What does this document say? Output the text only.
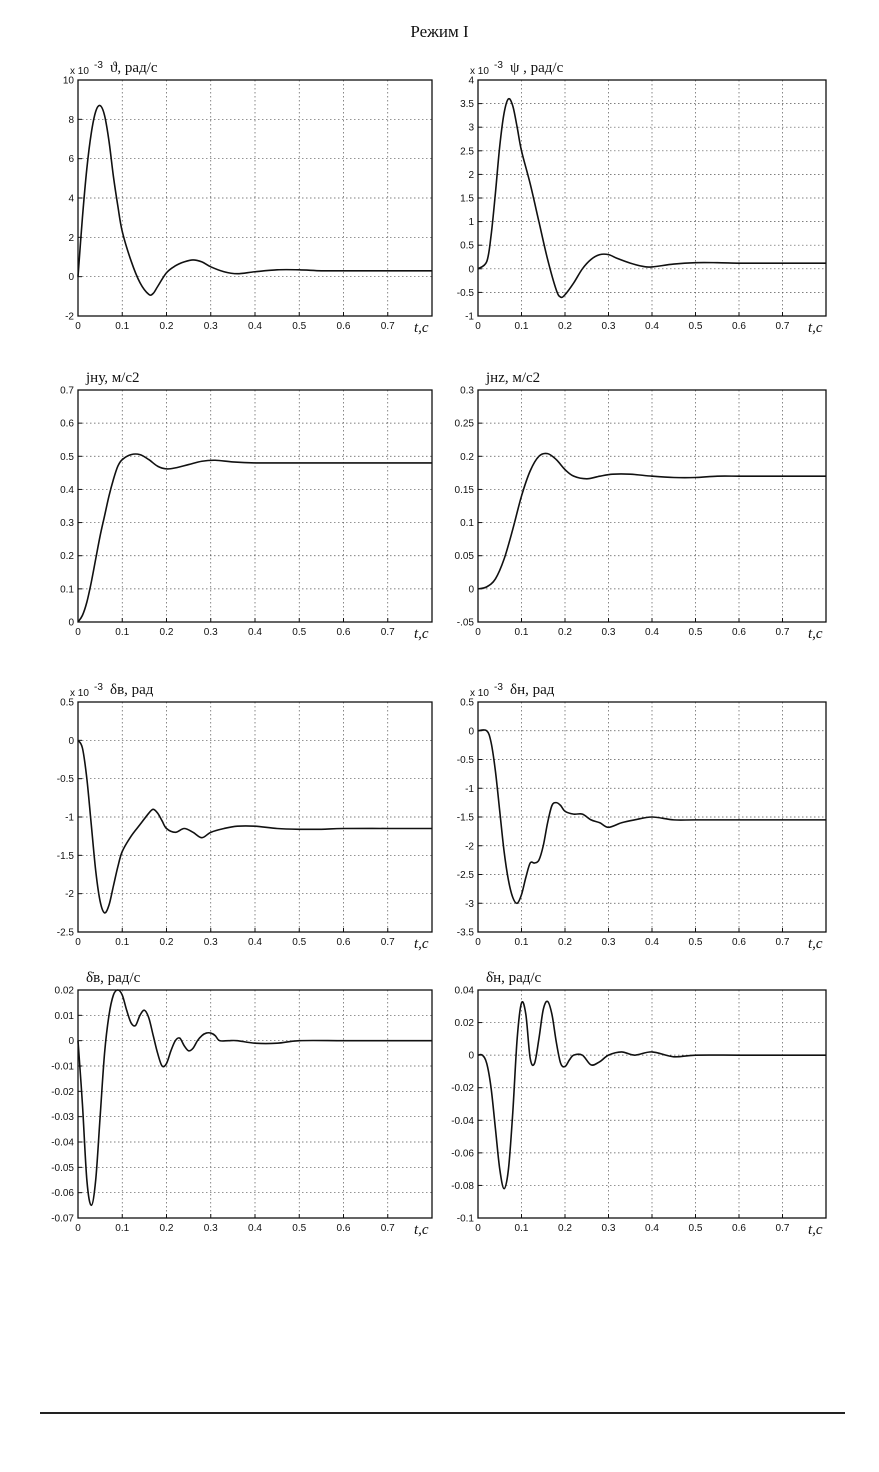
Режим I
0	0.1	0.2	0.3	0.4	0.5	0.6	0.7
-2
0
2
4
6
8
10
x 10
-3 ϑ, рад/с
t,c	0	0.1	0.2	0.3	0.4	0.5	0.6	0.7
-1
-0.5
0
0.5
1
1.5
2
2.5
3
3.5
4
x 10
-3 ψ , рад/с
t,c
0	0.1	0.2	0.3	0.4	0.5	0.6	0.7
0
0.1
0.2
0.3
0.4
0.5
0.6
0.7
jну, м/с2
t,c	0	0.1	0.2	0.3	0.4	0.5	0.6	0.7
-.05
0
0.05
0.1
0.15
0.2
0.25
0.3
jнz, м/с2
t,c
0	0.1	0.2	0.3	0.4	0.5	0.6	0.7
-2.5
-2
-1.5
-1
-0.5
0
0.5
x 10
-3 δв, рад
t,c	0	0.1	0.2	0.3	0.4	0.5	0.6	0.7
-3.5
-3
-2.5
-2
-1.5
-1
-0.5
0
0.5
x 10
-3 δн, рад
t,c
0	0.1	0.2	0.3	0.4	0.5	0.6	0.7
-0.07
-0.06
-0.05
-0.04
-0.03
-0.02
-0.01
0
0.01
0.02
δ̇в, рад/с
t,c	0	0.1	0.2	0.3	0.4	0.5	0.6	0.7
-0.1
-0.08
-0.06
-0.04
-0.02
0
0.02
0.04
δ̇н, рад/с
t,c
